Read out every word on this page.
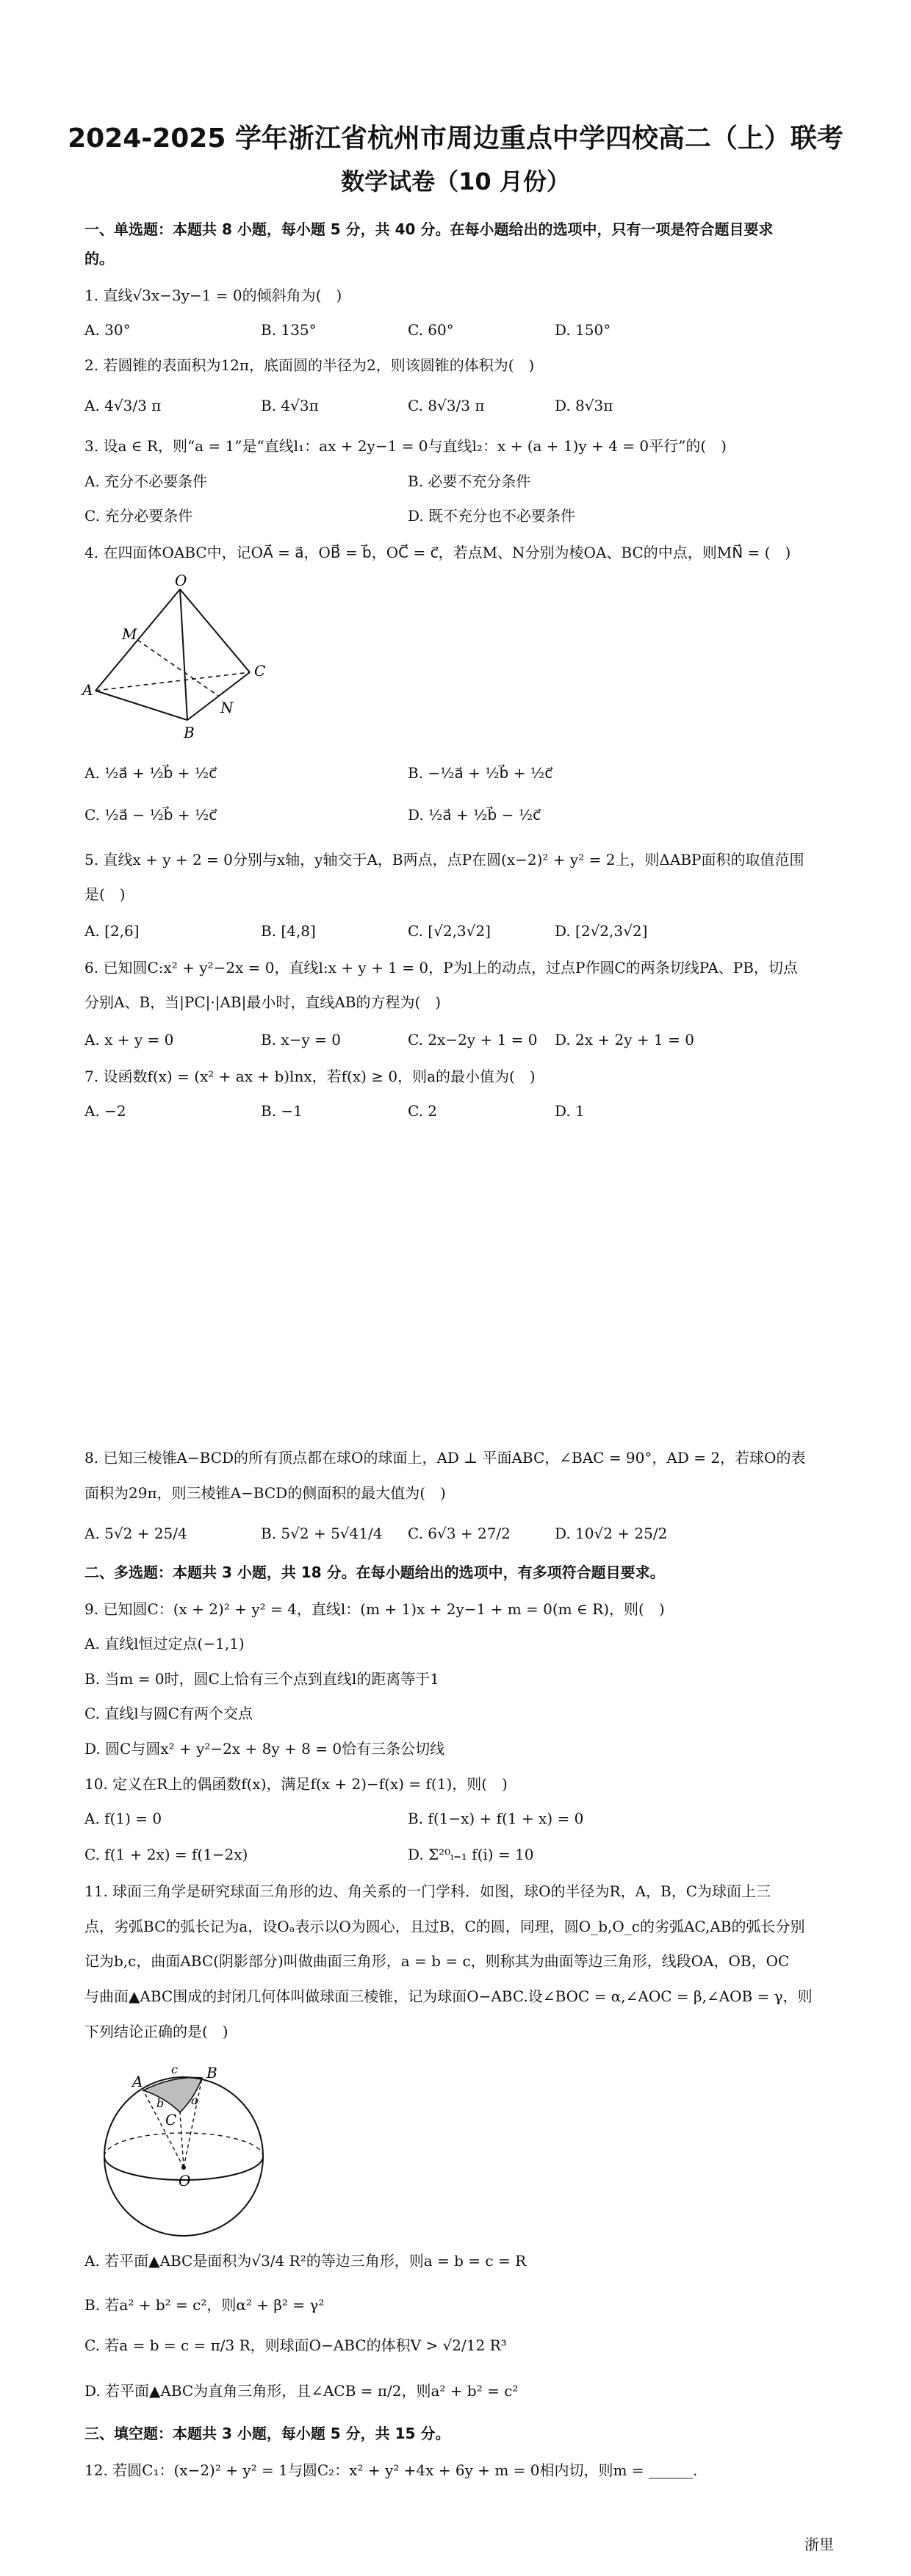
2024-2025 学年浙江省杭州市周边重点中学四校高二（上）联考
数学试卷（10 月份）
一、单选题：本题共 8 小题，每小题 5 分，共 40 分。在每小题给出的选项中，只有一项是符合题目要求
的。
1. 直线√3x−3y−1 = 0的倾斜角为(　)
A. 30°	B. 135°	C. 60°	D. 150°
2. 若圆锥的表面积为12π，底面圆的半径为2，则该圆锥的体积为(　)
A. 4√3/3 π	B. 4√3π	C. 8√3/3 π	D. 8√3π
3. 设a ∈ R，则“a = 1”是“直线l₁：ax + 2y−1 = 0与直线l₂：x + (a + 1)y + 4 = 0平行”的(　)
A. 充分不必要条件	B. 必要不充分条件
C. 充分必要条件	D. 既不充分也不必要条件
4. 在四面体OABC中，记OA⃗ = a⃗，OB⃗ = b⃗，OC⃗ = c⃗，若点M、N分别为棱OA、BC的中点，则MN⃗ = (　)
O
M
A
B
C
N
A. ½a⃗ + ½b⃗ + ½c⃗	B. −½a⃗ + ½b⃗ + ½c⃗
C. ½a⃗ − ½b⃗ + ½c⃗	D. ½a⃗ + ½b⃗ − ½c⃗
5. 直线x + y + 2 = 0分别与x轴，y轴交于A，B两点，点P在圆(x−2)² + y² = 2上，则ΔABP面积的取值范围
是(　)
A. [2,6]	B. [4,8]	C. [√2,3√2]	D. [2√2,3√2]
6. 已知圆C:x² + y²−2x = 0，直线l:x + y + 1 = 0，P为l上的动点，过点P作圆C的两条切线PA、PB，切点
分别A、B，当|PC|·|AB|最小时，直线AB的方程为(　)
A. x + y = 0	B. x−y = 0	C. 2x−2y + 1 = 0 D. 2x + 2y + 1 = 0
7. 设函数f(x) = (x² + ax + b)lnx，若f(x) ≥ 0，则a的最小值为(　)
A. −2	B. −1	C. 2	D. 1
8. 已知三棱锥A−BCD的所有顶点都在球O的球面上，AD ⊥ 平面ABC，∠BAC = 90°，AD = 2，若球O的表
面积为29π，则三棱锥A−BCD的侧面积的最大值为(　)
A. 5√2 + 25/4	B. 5√2 + 5√41/4 C. 6√3 + 27/2	D. 10√2 + 25/2
二、多选题：本题共 3 小题，共 18 分。在每小题给出的选项中，有多项符合题目要求。
9. 已知圆C：(x + 2)² + y² = 4，直线l：(m + 1)x + 2y−1 + m = 0(m ∈ R)，则(　)
A. 直线l恒过定点(−1,1)
B. 当m = 0时，圆C上恰有三个点到直线l的距离等于1
C. 直线l与圆C有两个交点
D. 圆C与圆x² + y²−2x + 8y + 8 = 0恰有三条公切线
10. 定义在R上的偶函数f(x)，满足f(x + 2)−f(x) = f(1)，则(　)
A. f(1) = 0	B. f(1−x) + f(1 + x) = 0
C. f(1 + 2x) = f(1−2x)	D. Σ²⁰ᵢ₌₁ f(i) = 10
11. 球面三角学是研究球面三角形的边、角关系的一门学科．如图，球O的半径为R，A，B，C为球面上三
点，劣弧BC的弧长记为a，设Oₐ表示以O为圆心，且过B，C的圆，同理，圆O_b,O_c的劣弧AC,AB的弧长分别
记为b,c，曲面ABC(阴影部分)叫做曲面三角形，a = b = c，则称其为曲面等边三角形，线段OA，OB，OC
与曲面▲ABC围成的封闭几何体叫做球面三棱锥，记为球面O−ABC.设∠BOC = α,∠AOC = β,∠AOB = γ，则
下列结论正确的是(　)
A	B
C
O
c
b a
A. 若平面▲ABC是面积为√3/4 R²的等边三角形，则a = b = c = R
B. 若a² + b² = c²，则α² + β² = γ²
C. 若a = b = c = π/3 R，则球面O−ABC的体积V > √2/12 R³
D. 若平面▲ABC为直角三角形，且∠ACB = π/2，则a² + b² = c²
三、填空题：本题共 3 小题，每小题 5 分，共 15 分。
12. 若圆C₁：(x−2)² + y² = 1与圆C₂：x² + y² +4x + 6y + m = 0相内切，则m = ______.
浙里
